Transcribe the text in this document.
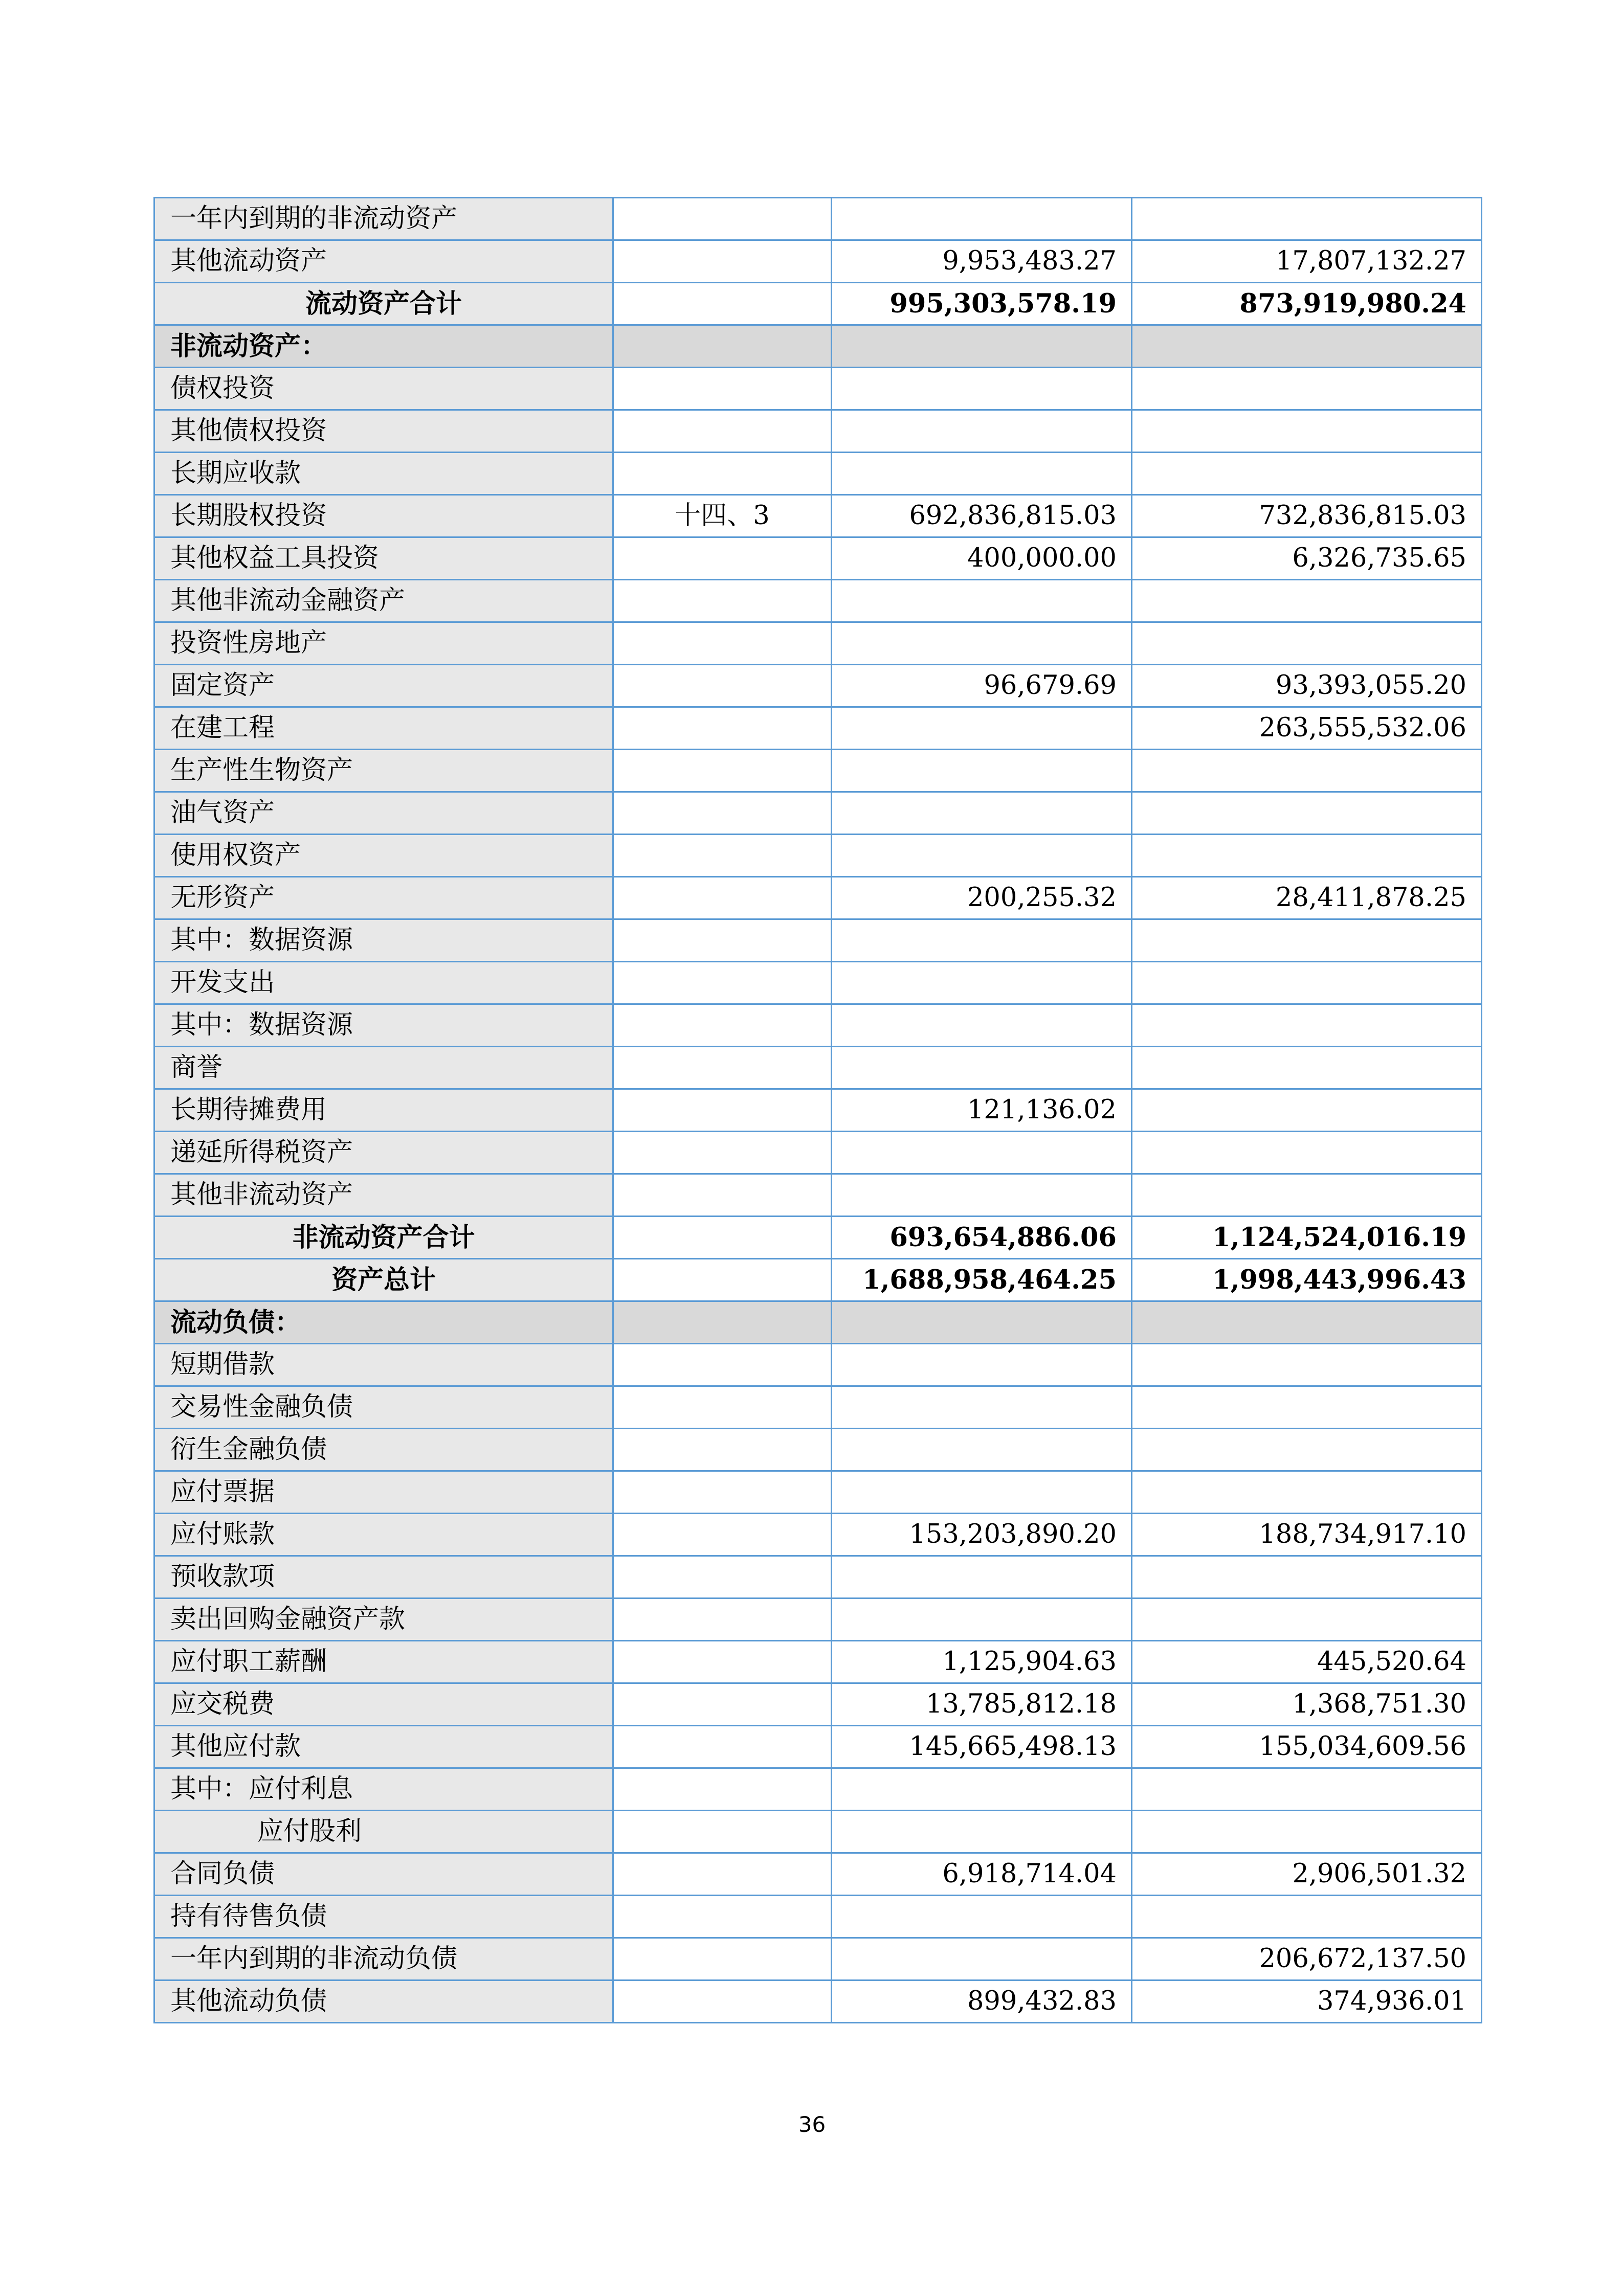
一年内到期的非流动资产			
其他流动资产		9,953,483.27	17,807,132.27
流动资产合计		995,303,578.19	873,919,980.24
非流动资产：			
债权投资			
其他债权投资			
长期应收款			
长期股权投资	十四、3	692,836,815.03	732,836,815.03
其他权益工具投资		400,000.00	6,326,735.65
其他非流动金融资产			
投资性房地产			
固定资产		96,679.69	93,393,055.20
在建工程			263,555,532.06
生产性生物资产			
油气资产			
使用权资产			
无形资产		200,255.32	28,411,878.25
其中：数据资源			
开发支出			
其中：数据资源			
商誉			
长期待摊费用		121,136.02	
递延所得税资产			
其他非流动资产			
非流动资产合计		693,654,886.06	1,124,524,016.19
资产总计		1,688,958,464.25	1,998,443,996.43
流动负债：			
短期借款			
交易性金融负债			
衍生金融负债			
应付票据			
应付账款		153,203,890.20	188,734,917.10
预收款项			
卖出回购金融资产款			
应付职工薪酬		1,125,904.63	445,520.64
应交税费		13,785,812.18	1,368,751.30
其他应付款		145,665,498.13	155,034,609.56
其中：应付利息			
应付股利			
合同负债		6,918,714.04	2,906,501.32
持有待售负债			
一年内到期的非流动负债			206,672,137.50
其他流动负债		899,432.83	374,936.01
36
